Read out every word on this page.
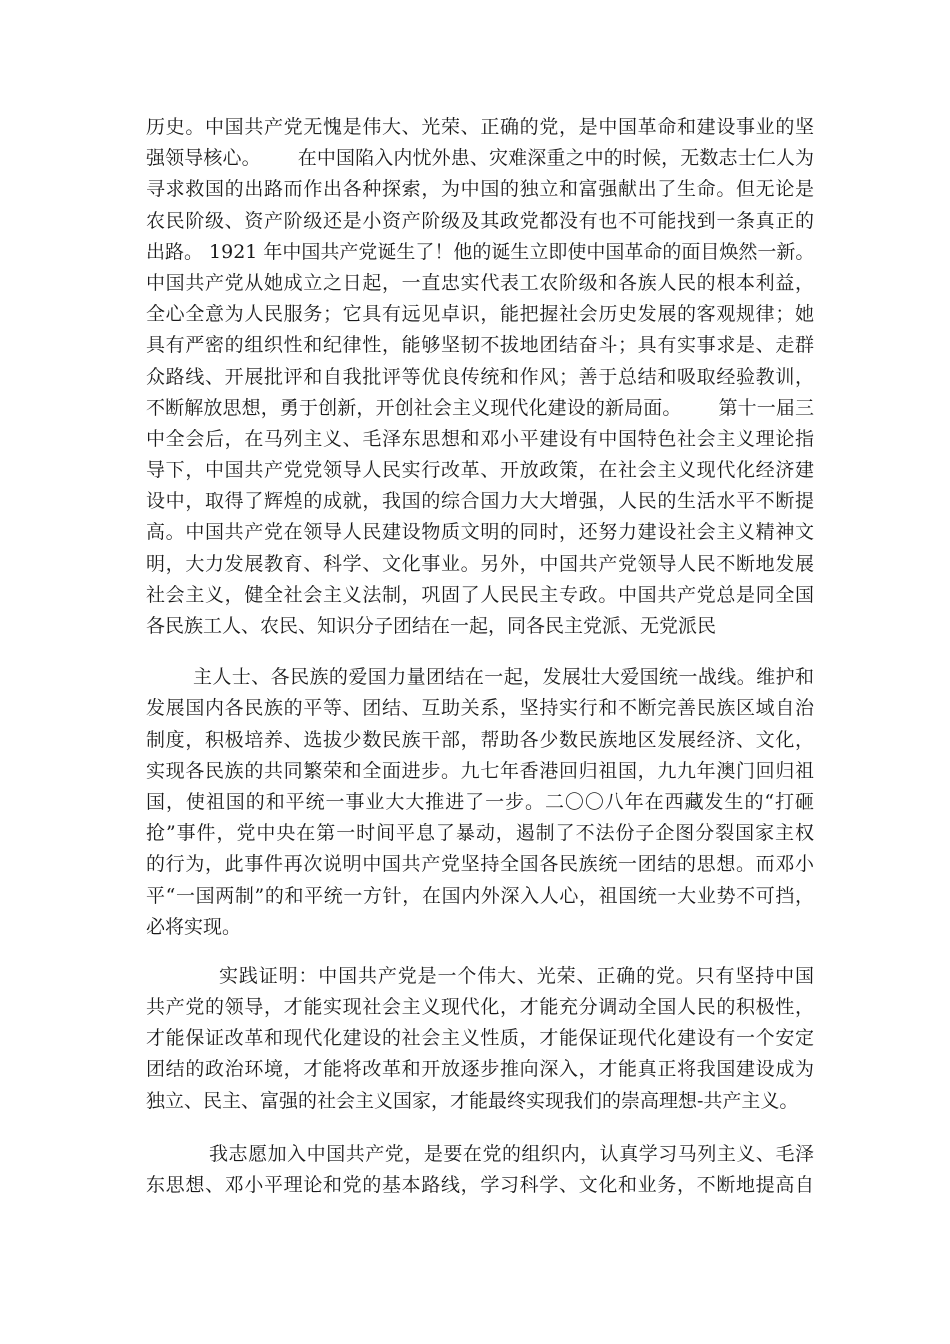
历史。中国共产党无愧是伟大、光荣、正确的党，是中国革命和建设事业的坚
强领导核心。      在中国陷入内忧外患、灾难深重之中的时候，无数志士仁人为
寻求救国的出路而作出各种探索，为中国的独立和富强献出了生命。但无论是
农民阶级、资产阶级还是小资产阶级及其政党都没有也不可能找到一条真正的
出路。 1921 年中国共产党诞生了！他的诞生立即使中国革命的面目焕然一新。
中国共产党从她成立之日起，一直忠实代表工农阶级和各族人民的根本利益，
全心全意为人民服务；它具有远见卓识，能把握社会历史发展的客观规律；她
具有严密的组织性和纪律性，能够坚韧不拔地团结奋斗；具有实事求是、走群
众路线、开展批评和自我批评等优良传统和作风；善于总结和吸取经验教训，
不断解放思想，勇于创新，开创社会主义现代化建设的新局面。      第十一届三
中全会后，在马列主义、毛泽东思想和邓小平建设有中国特色社会主义理论指
导下，中国共产党党领导人民实行改革、开放政策，在社会主义现代化经济建
设中，取得了辉煌的成就，我国的综合国力大大增强，人民的生活水平不断提
高。中国共产党在领导人民建设物质文明的同时，还努力建设社会主义精神文
明，大力发展教育、科学、文化事业。另外，中国共产党领导人民不断地发展
社会主义，健全社会主义法制，巩固了人民民主专政。中国共产党总是同全国
各民族工人、农民、知识分子团结在一起，同各民主党派、无党派民
主人士、各民族的爱国力量团结在一起，发展壮大爱国统一战线。维护和
发展国内各民族的平等、团结、互助关系，坚持实行和不断完善民族区域自治
制度，积极培养、选拔少数民族干部，帮助各少数民族地区发展经济、文化，
实现各民族的共同繁荣和全面进步。九七年香港回归祖国，九九年澳门回归祖
国，使祖国的和平统一事业大大推进了一步。二〇〇八年在西藏发生的“打砸
抢”事件，党中央在第一时间平息了暴动，遏制了不法份子企图分裂国家主权
的行为，此事件再次说明中国共产党坚持全国各民族统一团结的思想。而邓小
平“一国两制”的和平统一方针，在国内外深入人心，祖国统一大业势不可挡，
必将实现。
实践证明：中国共产党是一个伟大、光荣、正确的党。只有坚持中国
共产党的领导，才能实现社会主义现代化，才能充分调动全国人民的积极性，
才能保证改革和现代化建设的社会主义性质，才能保证现代化建设有一个安定
团结的政治环境，才能将改革和开放逐步推向深入，才能真正将我国建设成为
独立、民主、富强的社会主义国家，才能最终实现我们的崇高理想-共产主义。
我志愿加入中国共产党，是要在党的组织内，认真学习马列主义、毛泽
东思想、邓小平理论和党的基本路线，学习科学、文化和业务，不断地提高自
